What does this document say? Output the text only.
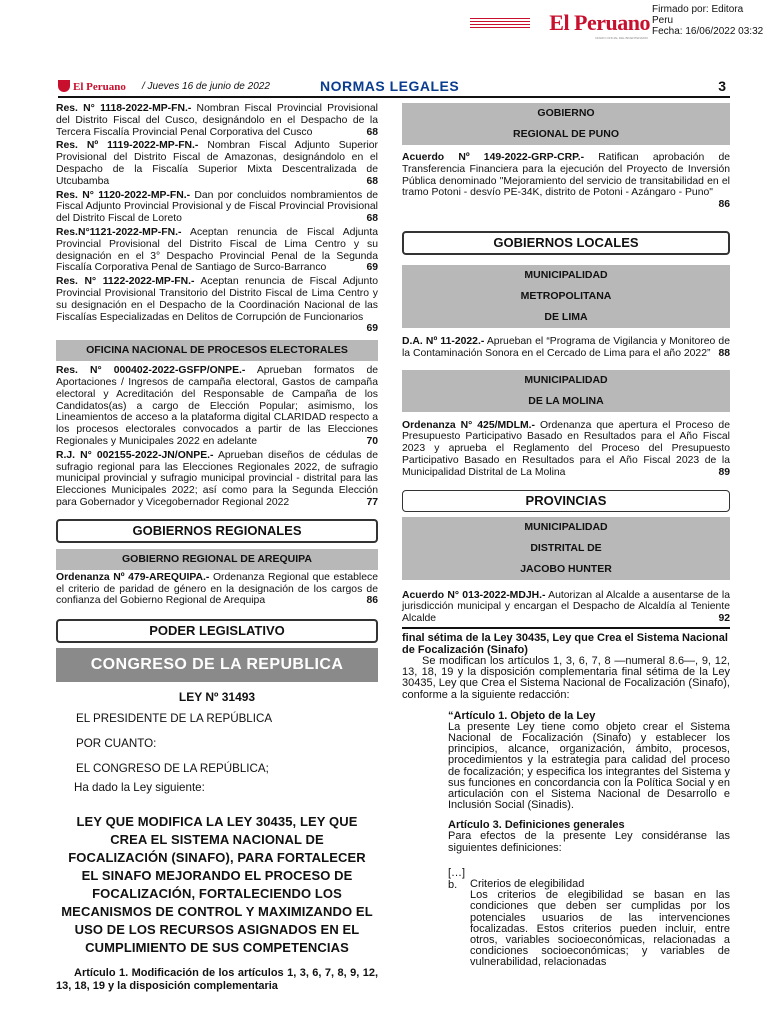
El Peruano
DIARIO OFICIAL DEL BICENTENARIO
Firmado por: Editora
Peru
Fecha: 16/06/2022 03:32
El Peruano / Jueves 16 de junio de 2022	NORMAS LEGALES	3
Res. N° 1118-2022-MP-FN.- Nombran Fiscal Provincial Provisional del Distrito Fiscal del Cusco, designándolo en el Despacho de la Tercera Fiscalía Provincial Penal Corporativa del Cusco	68
Res. Nº 1119-2022-MP-FN.- Nombran Fiscal Adjunto Superior Provisional del Distrito Fiscal de Amazonas, designándolo en el Despacho de la Fiscalía Superior Mixta Descentralizada de Utcubamba	68
Res. N° 1120-2022-MP-FN.- Dan por concluidos nombramientos de Fiscal Adjunto Provincial Provisional y de Fiscal Provincial Provisional del Distrito Fiscal de Loreto	68
Res.N°1121-2022-MP-FN.- Aceptan renuncia de Fiscal Adjunta Provincial Provisional del Distrito Fiscal de Lima Centro y su designación en el 3° Despacho Provincial Penal de la Segunda Fiscalía Corporativa Penal de Santiago de Surco-Barranco	69
Res. N° 1122-2022-MP-FN.- Aceptan renuncia de Fiscal Adjunto Provincial Provisional Transitorio del Distrito Fiscal de Lima Centro y su designación en el Despacho de la Coordinación Nacional de las Fiscalías Especializadas en Delitos de Corrupción de Funcionarios
69
OFICINA NACIONAL DE PROCESOS ELECTORALES
Res. N° 000402-2022-GSFP/ONPE.- Aprueban formatos de Aportaciones / Ingresos de campaña electoral, Gastos de campaña electoral y Acreditación del Responsable de Campaña de los Candidatos(as) a cargo de Elección Popular; asimismo, los Lineamientos de acceso a la plataforma digital CLARIDAD respecto a los procesos electorales convocados a partir de las Elecciones Regionales y Municipales 2022 en adelante	70
R.J. N° 002155-2022-JN/ONPE.- Aprueban diseños de cédulas de sufragio regional para las Elecciones Regionales 2022, de sufragio municipal provincial y sufragio municipal provincial - distrital para las Elecciones Municipales 2022; así como para la Segunda Elección para Gobernador y Vicegobernador Regional 2022	77
GOBIERNOS REGIONALES
GOBIERNO REGIONAL DE AREQUIPA
Ordenanza Nº 479-AREQUIPA.- Ordenanza Regional que establece el criterio de paridad de género en la designación de los cargos de confianza del Gobierno Regional de Arequipa	86
PODER LEGISLATIVO
CONGRESO DE LA REPUBLICA
LEY Nº 31493
EL PRESIDENTE DE LA REPÚBLICA
POR CUANTO:
EL CONGRESO DE LA REPÚBLICA;
Ha dado la Ley siguiente:
LEY QUE MODIFICA LA LEY 30435, LEY QUE CREA EL SISTEMA NACIONAL DE FOCALIZACIÓN (SINAFO), PARA FORTALECER EL SINAFO MEJORANDO EL PROCESO DE FOCALIZACIÓN, FORTALECIENDO LOS MECANISMOS DE CONTROL Y MAXIMIZANDO EL USO DE LOS RECURSOS ASIGNADOS EN EL CUMPLIMIENTO DE SUS COMPETENCIAS
Artículo 1. Modificación de los artículos 1, 3, 6, 7, 8, 9, 12, 13, 18, 19 y la disposición complementaria
GOBIERNO
REGIONAL DE PUNO
Acuerdo Nº 149-2022-GRP-CRP.- Ratifican aprobación de Transferencia Financiera para la ejecución del Proyecto de Inversión Pública denominado "Mejoramiento del servicio de transitabilidad en el tramo Potoni - desvío PE-34K, distrito de Potoni - Azángaro - Puno"
86
GOBIERNOS LOCALES
MUNICIPALIDAD
METROPOLITANA
DE LIMA
D.A. Nº 11-2022.- Aprueban el “Programa de Vigilancia y Monitoreo de la Contaminación Sonora en el Cercado de Lima para el año 2022” 88
MUNICIPALIDAD
DE LA MOLINA
Ordenanza N° 425/MDLM.- Ordenanza que apertura el Proceso de Presupuesto Participativo Basado en Resultados para el Año Fiscal 2023 y aprueba el Reglamento del Proceso del Presupuesto Participativo Basado en Resultados para el Año Fiscal 2023 de la Municipalidad Distrital de La Molina	89
PROVINCIAS
MUNICIPALIDAD
DISTRITAL DE
JACOBO HUNTER
Acuerdo N° 013-2022-MDJH.- Autorizan al Alcalde a ausentarse de la jurisdicción municipal y encargan el Despacho de Alcaldía al Teniente Alcalde	92
final sétima de la Ley 30435, Ley que Crea el Sistema Nacional de Focalización (Sinafo)
Se modifican los artículos 1, 3, 6, 7, 8 —numeral 8.6—, 9, 12, 13, 18, 19 y la disposición complementaria final sétima de la Ley 30435, Ley que Crea el Sistema Nacional de Focalización (Sinafo), conforme a la siguiente redacción:
“Artículo 1. Objeto de la Ley
La presente Ley tiene como objeto crear el Sistema Nacional de Focalización (Sinafo) y establecer los principios, alcance, organización, ámbito, procesos, procedimientos y la estrategia para calidad del proceso de focalización; y especifica los integrantes del Sistema y sus funciones en concordancia con la Política Social y en articulación con el Sistema Nacional de Desarrollo e Inclusión Social (Sinadis).
Artículo 3. Definiciones generales
Para efectos de la presente Ley considéranse las siguientes definiciones:
[…]
b. Criterios de elegibilidad
Los criterios de elegibilidad se basan en las condiciones que deben ser cumplidas por los potenciales usuarios de las intervenciones focalizadas. Estos criterios pueden incluir, entre otros, variables socioeconómicas, relacionadas a condiciones socioeconómicas; y variables de vulnerabilidad, relacionadas
